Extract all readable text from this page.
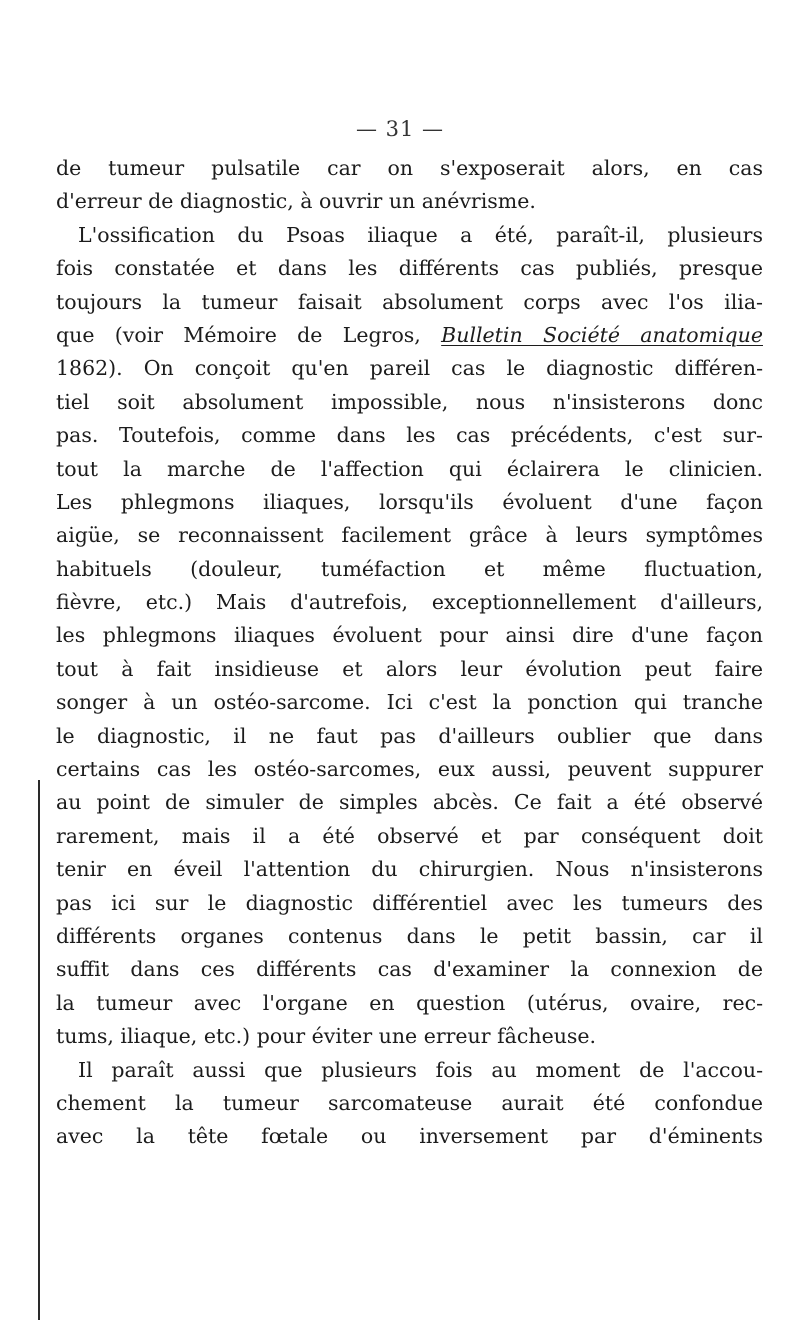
— 31 —
de tumeur pulsatile car on s'exposerait alors, en cas
d'erreur de diagnostic, à ouvrir un anévrisme.
L'ossification du Psoas iliaque a été, paraît-il, plusieurs
fois constatée et dans les différents cas publiés, presque
toujours la tumeur faisait absolument corps avec l'os ilia-
que (voir Mémoire de Legros, Bulletin Société anatomique
1862). On conçoit qu'en pareil cas le diagnostic différen-
tiel soit absolument impossible, nous n'insisterons donc
pas. Toutefois, comme dans les cas précédents, c'est sur-
tout la marche de l'affection qui éclairera le clinicien.
Les phlegmons iliaques, lorsqu'ils évoluent d'une façon
aigüe, se reconnaissent facilement grâce à leurs symptômes
habituels (douleur, tuméfaction et même fluctuation,
fièvre, etc.) Mais d'autrefois, exceptionnellement d'ailleurs,
les phlegmons iliaques évoluent pour ainsi dire d'une façon
tout à fait insidieuse et alors leur évolution peut faire
songer à un ostéo-sarcome. Ici c'est la ponction qui tranche
le diagnostic, il ne faut pas d'ailleurs oublier que dans
certains cas les ostéo-sarcomes, eux aussi, peuvent suppurer
au point de simuler de simples abcès. Ce fait a été observé
rarement, mais il a été observé et par conséquent doit
tenir en éveil l'attention du chirurgien. Nous n'insisterons
pas ici sur le diagnostic différentiel avec les tumeurs des
différents organes contenus dans le petit bassin, car il
suffit dans ces différents cas d'examiner la connexion de
la tumeur avec l'organe en question (utérus, ovaire, rec-
tums, iliaque, etc.) pour éviter une erreur fâcheuse.
Il paraît aussi que plusieurs fois au moment de l'accou-
chement la tumeur sarcomateuse aurait été confondue
avec la tête fœtale ou inversement par d'éminents
